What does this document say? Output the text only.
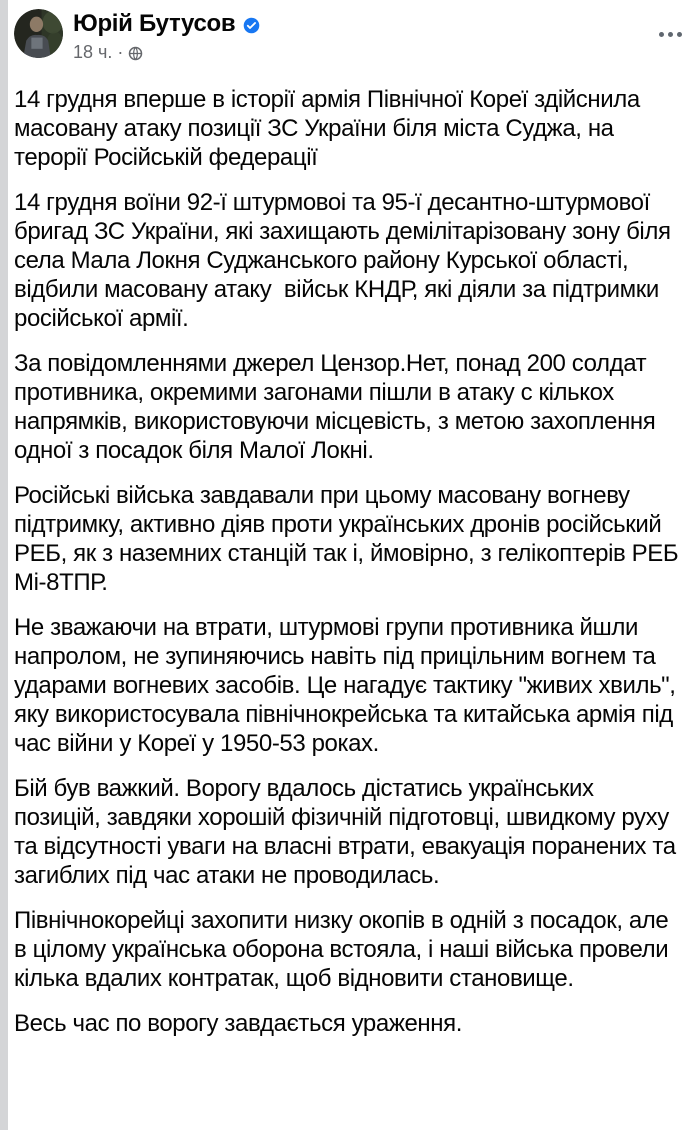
Юрій Бутусов
18 ч. ·

14 грудня вперше в історії армія Північної Кореї здійснила масовану атаку позиції ЗС України біля міста Суджа, на терорії Російській федерації

14 грудня воїни 92-ї штурмовоі та 95-ї десантно-штурмової бригад ЗС України, які захищають демілітарізовану зону біля села Мала Локня Суджанського району Курської області, відбили масовану атаку  військ КНДР, які діяли за підтримки російської армії.

За повідомленнями джерел Цензор.Нет, понад 200 солдат противника, окремими загонами пішли в атаку с кількох напрямків, використовуючи місцевість, з метою захоплення одної з посадок біля Малої Локні.

Російські війська завдавали при цьому масовану вогневу підтримку, активно діяв проти українських дронів російський РЕБ, як з наземних станцій так і, ймовірно, з гелікоптерів РЕБ Мі-8ТПР.

Не зважаючи на втрати, штурмові групи противника йшли напролом, не зупиняючись навіть під прицільним вогнем та ударами вогневих засобів. Це нагадує тактику "живих хвиль", яку використосувала північнокрейська та китайська армія під час війни у Кореї у 1950-53 роках.

Бій був важкий. Ворогу вдалось дістатись українських позицій, завдяки хорошій фізичній підготовці, швидкому руху та відсутності уваги на власні втрати, евакуація поранених та загиблих під час атаки не проводилась.

Північнокорейці захопити низку окопів в одній з посадок, але в цілому українська оборона встояла, і наші війська провели кілька вдалих контратак, щоб відновити становище.

Весь час по ворогу завдається ураження.
